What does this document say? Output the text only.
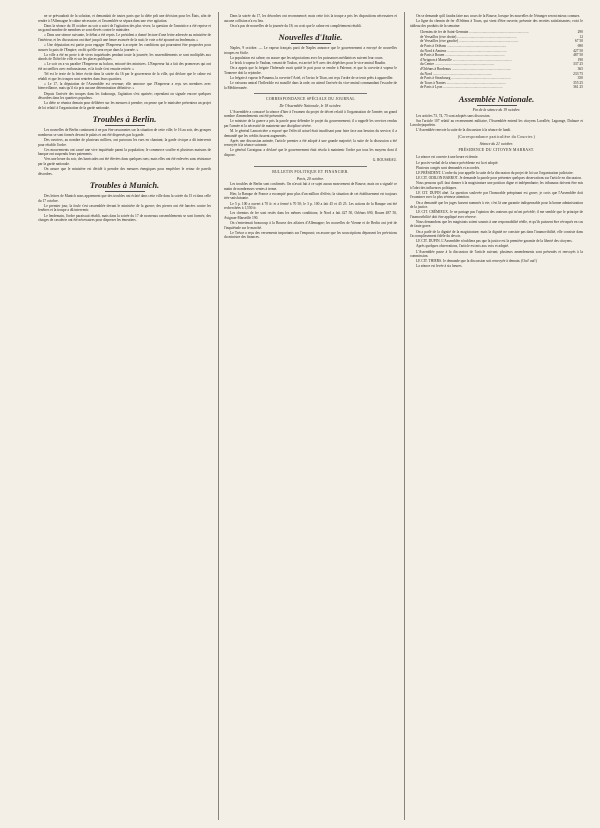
ne se prévaudrait de la solution, et demandait de toutes parts que la diète prît une décision pour les États, afin de rendre à l'Allemagne le calme nécessaire, et l'assemblée se sépara dans une vive agitation.

Dans la séance du 18 octobre au soir a suivi de l'agitation des plus vives; la question de l'armistice a été reprise et un grand nombre de membres se sont élevés contre le ministère.

« Dans une séance suivante, le débat a été repris. Le président a donné lecture d'une lettre adressée au ministère de l'intérieur, et les discussions ont duré jusqu'à une heure avancée de la nuit; le vote a été ajourné au lendemain. »

« Une députation est partie pour engager l'Empereur à accepter les conditions qui pourraient être proposées pour assurer la paix de l'Empire; on dit qu'elle sera reçue dans la journée. »

La ville a été en proie à de vives inquiétudes pendant toute la journée; les rassemblements se sont multipliés aux abords de l'hôtel de ville et sur les places publiques.

« Le soir on a vu paraître l'Empereur au balcon, entouré des ministres. L'Empereur lui a fait des promesses qui ont été accueillies avec enthousiasme, et la foule s'est ensuite retirée. »

Tel est le texte de la lettre écrite dans la soirée du 16 par le gouverneur de la ville, qui déclare que le calme est rétabli et que les troupes sont rentrées dans leurs quartiers.

« Le 17, la députation de l'Assemblée est revenue; elle annonce que l'Empereur a reçu ses membres avec bienveillance, mais qu'il n'a pris aucune détermination définitive. »

Depuis l'arrivée des troupes dans les faubourgs, l'agitation s'est apaisée; cependant on signale encore quelques désordres dans les quartiers populeux.

La diète se réunira demain pour délibérer sur les mesures à prendre; on pense que le ministère présentera un projet de loi relatif à l'organisation de la garde nationale.

Troubles à Berlin.

Les nouvelles de Berlin continuent à ne pas être rassurantes sur la situation de cette ville; le 16 au soir, des groupes nombreux se sont formés devant le palais et ont été dispersés par la garde.

Des ouvriers, au nombre de plusieurs milliers, ont parcouru les rues en chantant; la garde civique a dû intervenir pour rétablir l'ordre.

Ces mouvements ont causé une vive inquiétude parmi la population; le commerce souffre et plusieurs maisons de banque ont suspendu leurs paiements.

Vers une heure du soir, des barricades ont été élevées dans quelques rues; mais elles ont été enlevées sans résistance par la garde nationale.

On assure que le ministère est décidé à prendre des mesures énergiques pour empêcher le retour de pareils désordres.

Troubles à Munich.

Des lettres de Munich nous apprennent que des troubles ont éclaté dans cette ville dans la soirée du 15 et dans celle du 17 octobre.

Le premier jour, la foule s'est rassemblée devant le ministère de la guerre; des pierres ont été lancées contre les fenêtres et la troupe a dû intervenir.

Le lendemain, l'ordre paraissait rétabli, mais dans la soirée du 17 de nouveaux rassemblements se sont formés; des charges de cavalerie ont été nécessaires pour disperser les émeutiers.

Dans la soirée du 17, les désordres ont recommencé; mais cette fois la troupe a pris les dispositions nécessaires et aucune collision n'a eu lieu.

On n'a pas de nouvelles de la journée du 18; on croit que le calme est complètement rétabli.

Nouvelles d'Italie.

Naples, 9 octobre. — Le vapeur français parti de Naples annonce que le gouvernement a envoyé de nouvelles troupes en Sicile.

La population est calme; on assure que les négociations avec les puissances médiatrices suivent leur cours.

Le brick à vapeur le Vauban, venant de Toulon, est arrivé le 9 avec des dépêches pour le vice-amiral Baudin.

On a appris que la frégate l'Infernale avait quitté le port pour se rendre à Palerme, et que la corvette à vapeur le Tonnerre doit la rejoindre.

La frégate à vapeur le Panama, la corvette l'Ariel, et l'aviso le Titan, ont reçu l'ordre de se tenir prêts à appareiller.

Le vaisseau amiral l'Inflexible est mouillé dans la rade; on attend l'arrivée du vice-amiral commandant l'escadre de la Méditerranée.

CORRESPONDANCE SPÉCIALE DU JOURNAL
De l'Assemblée Nationale, le 18 octobre.

L'Assemblée a consacré la séance d'hier à l'examen du projet de décret relatif à l'organisation de l'armée; un grand nombre d'amendements ont été présentés.

Le ministre de la guerre a pris la parole pour défendre le projet du gouvernement; il a rappelé les services rendus par l'armée et la nécessité de maintenir une discipline sévère.

M. le général Lamoricière a exposé que l'effectif actuel était insuffisant pour faire face aux besoins du service; il a demandé que les crédits fussent augmentés.

Après une discussion animée, l'article premier a été adopté à une grande majorité; la suite de la discussion a été renvoyée à la séance suivante.

Le général Cavaignac a déclaré que le gouvernement était résolu à maintenir l'ordre par tous les moyens dont il dispose.

G. ROUSSEAU.
BULLETIN POLITIQUE ET FINANCIER.
Paris, 20 octobre.

Les troubles de Berlin sont confirmés. On n'avait fait à ce sujet aucun mouvement de Bourse, mais on a signalé ce matin de nombreuses ventes à terme.

Hier, la Banque de France a escompté pour plus d'un million d'effets; la situation de cet établissement est toujours très-satisfaisante.

Le 5 p. 100 a ouvert à 70 fr. et a fermé à 70 50; le 3 p. 100 a fait 45 et 45 25. Les actions de la Banque ont été recherchées à 1,550 fr.

Les chemins de fer sont restés dans les mêmes conditions; le Nord a fait 427 50, Orléans 690, Rouen 487 50, Avignon-Marseille 190.

On s'entretenait beaucoup à la Bourse des affaires d'Allemagne; les nouvelles de Vienne et de Berlin ont jeté de l'inquiétude sur le marché.

Le Trésor a reçu des versements importants sur l'emprunt; on assure que les souscriptions dépassent les prévisions du ministre des finances.

On se demande qu'il faudra faire aux cours de la Bourse, lorsque les nouvelles de l'étranger seront mieux connues.

La ligne du chemin de fer d'Orléans à Tours, qui vient d'être ouverte, présente des recettes satisfaisantes; voici le tableau des produits de la semaine:

Chemins de fer de Saint-Germain .....	290
de Versailles (rive droite) .....	12
de Versailles (rive gauche) .....	67 50
de Paris à Orléans .....	690
du Nord à Amiens .....	427 50
de Paris à Rouen .....	487 50
d'Avignon à Marseille .....	190
du Centre .....	337 25
d'Orléans à Bordeaux .....	365
du Nord .....	233 75
de Paris à Strasbourg .....	350
de Tours à Nantes .....	355 25
de Paris à Lyon .....	361 25
Assemblée Nationale.
Fin de la séance du 19 octobre.

Les articles 73, 74, 75 sont adoptés sans discussion.

Sur l'article 107 relatif au recensement militaire, l'Assemblée entend les citoyens Lavallée, Lagrange, Dufaure et Larochejaquelein.

L'Assemblée renvoie la suite de la discussion à la séance de lundi.

(Correspondance particulière du Courrier.)
Séance du 21 octobre.
PRÉSIDENCE DU CITOYEN MARRAST.

La séance est ouverte à une heure et demie.

Le procès-verbal de la séance précédente est lu et adopté.

Plusieurs congés sont demandés et accordés.

LE PRÉSIDENT. L'ordre du jour appelle la suite de la discussion du projet de loi sur l'organisation judiciaire.

LE CIT. ODILON BARROT. Je demande la parole pour présenter quelques observations sur l'article en discussion.

Nous pensons qu'il faut donner à la magistrature une position digne et indépendante; les tribunaux doivent être mis à l'abri des influences politiques.

LE CIT. DUPIN aîné. La question soulevée par l'honorable préopinant est grave; je crois que l'Assemblée doit l'examiner avec la plus sérieuse attention.

On a demandé que les juges fussent nommés à vie; c'est là une garantie indispensable pour la bonne administration de la justice.

LE CIT. CRÉMIEUX. Je ne partage pas l'opinion des orateurs qui m'ont précédé; il me semble que le principe de l'inamovibilité doit être appliqué avec réserve.

Nous demandons que les magistrats soient soumis à une responsabilité réelle, et qu'ils puissent être révoqués en cas de faute grave.

On a parlé de la dignité de la magistrature; mais la dignité ne consiste pas dans l'inamovibilité, elle consiste dans l'accomplissement fidèle du devoir.

LE CIT. DUPIN. L'Assemblée n'oubliera pas que la justice est la première garantie de la liberté des citoyens.

Après quelques observations, l'article est mis aux voix et adopté.

L'Assemblée passe à la discussion de l'article suivant; plusieurs amendements sont présentés et renvoyés à la commission.

LE CIT. THIERS. Je demande que la discussion soit renvoyée à demain. (Oui! oui!)

La séance est levée à six heures.
